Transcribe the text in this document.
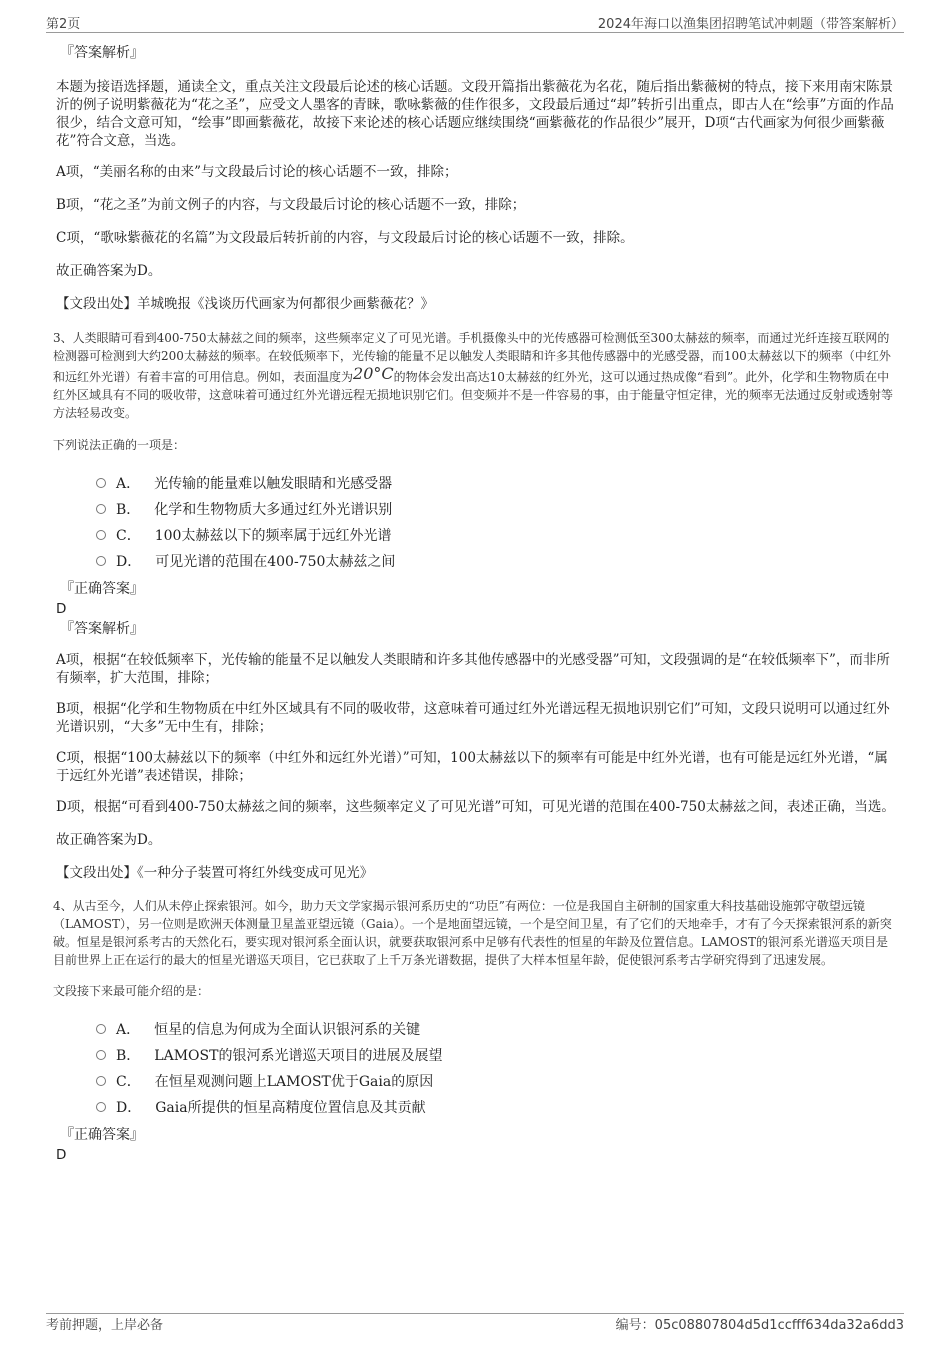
第2页	2024年海口以渔集团招聘笔试冲刺题（带答案解析）

『答案解析』

本题为接语选择题，通读全文，重点关注文段最后论述的核心话题。文段开篇指出紫薇花为名花，随后指出紫薇树的特点，接下来用南宋陈景沂的例子说明紫薇花为“花之圣”，应受文人墨客的青睐，歌咏紫薇的佳作很多，文段最后通过“却”转折引出重点，即古人在“绘事”方面的作品很少，结合文意可知，“绘事”即画紫薇花，故接下来论述的核心话题应继续围绕“画紫薇花的作品很少”展开，D项“古代画家为何很少画紫薇花”符合文意，当选。

A项，“美丽名称的由来”与文段最后讨论的核心话题不一致，排除；

B项，“花之圣”为前文例子的内容，与文段最后讨论的核心话题不一致，排除；

C项，“歌咏紫薇花的名篇”为文段最后转折前的内容，与文段最后讨论的核心话题不一致，排除。

故正确答案为D。

【文段出处】羊城晚报《浅谈历代画家为何都很少画紫薇花？》

3、人类眼睛可看到400-750太赫兹之间的频率，这些频率定义了可见光谱。手机摄像头中的光传感器可检测低至300太赫兹的频率，而通过光纤连接互联网的检测器可检测到大约200太赫兹的频率。在较低频率下，光传输的能量不足以触发人类眼睛和许多其他传感器中的光感受器，而100太赫兹以下的频率（中红外和远红外光谱）有着丰富的可用信息。例如，表面温度为20°C的物体会发出高达10太赫兹的红外光，这可以通过热成像“看到”。此外，化学和生物物质在中红外区域具有不同的吸收带，这意味着可通过红外光谱远程无损地识别它们。但变频并不是一件容易的事，由于能量守恒定律，光的频率无法通过反射或透射等方法轻易改变。

下列说法正确的一项是：

A． 光传输的能量难以触发眼睛和光感受器
B． 化学和生物物质大多通过红外光谱识别
C． 100太赫兹以下的频率属于远红外光谱
D． 可见光谱的范围在400-750太赫兹之间

『正确答案』

D

『答案解析』

A项，根据“在较低频率下，光传输的能量不足以触发人类眼睛和许多其他传感器中的光感受器”可知，文段强调的是“在较低频率下”，而非所有频率，扩大范围，排除；

B项，根据“化学和生物物质在中红外区域具有不同的吸收带，这意味着可通过红外光谱远程无损地识别它们”可知，文段只说明可以通过红外光谱识别，“大多”无中生有，排除；

C项，根据“100太赫兹以下的频率（中红外和远红外光谱）”可知，100太赫兹以下的频率有可能是中红外光谱，也有可能是远红外光谱，“属于远红外光谱”表述错误，排除；

D项，根据“可看到400-750太赫兹之间的频率，这些频率定义了可见光谱”可知，可见光谱的范围在400-750太赫兹之间，表述正确，当选。

故正确答案为D。

【文段出处】《一种分子装置可将红外线变成可见光》

4、从古至今，人们从未停止探索银河。如今，助力天文学家揭示银河系历史的“功臣”有两位：一位是我国自主研制的国家重大科技基础设施郭守敬望远镜（LAMOST），另一位则是欧洲天体测量卫星盖亚望远镜（Gaia）。一个是地面望远镜，一个是空间卫星，有了它们的天地牵手，才有了今天探索银河系的新突破。恒星是银河系考古的天然化石，要实现对银河系全面认识，就要获取银河系中足够有代表性的恒星的年龄及位置信息。LAMOST的银河系光谱巡天项目是目前世界上正在运行的最大的恒星光谱巡天项目，它已获取了上千万条光谱数据，提供了大样本恒星年龄，促使银河系考古学研究得到了迅速发展。

文段接下来最可能介绍的是：

A． 恒星的信息为何成为全面认识银河系的关键
B． LAMOST的银河系光谱巡天项目的进展及展望
C． 在恒星观测问题上LAMOST优于Gaia的原因
D． Gaia所提供的恒星高精度位置信息及其贡献

『正确答案』

D

考前押题，上岸必备	编号：05c08807804d5d1ccfff634da32a6dd3
